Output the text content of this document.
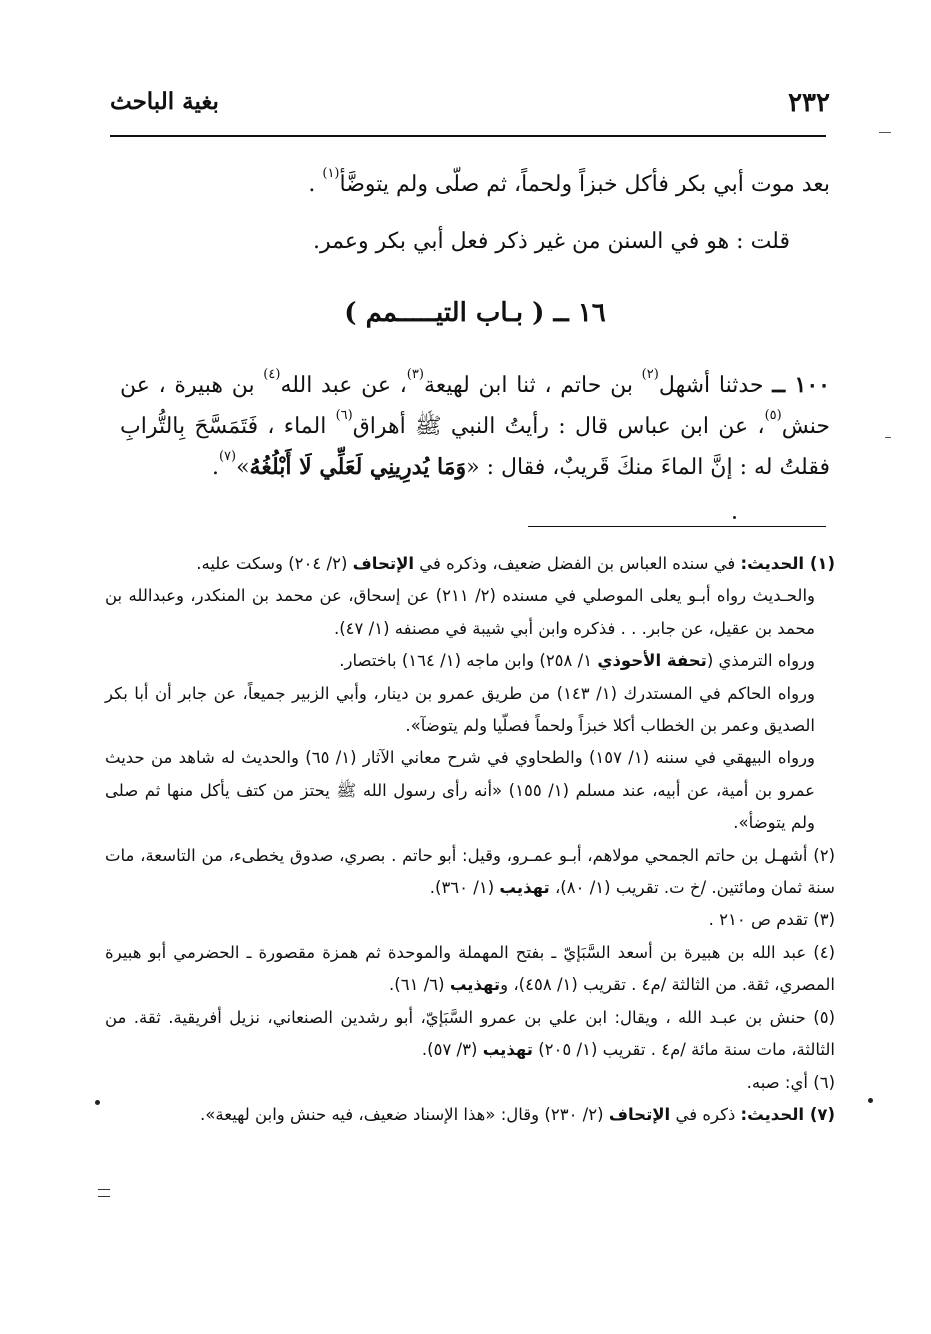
٢٣٢
بغية الباحث
بعد موت أبي بكر فأكل خبزاً ولحماً، ثم صلّى ولم يتوضَّأ$^{(١)}$ .
قلت : هو في السنن من غير ذكر فعل أبي بكر وعمر.
١٦ ــ ( بـاب التيـــــمم )
١٠٠ ــ حدثنا أشهل$^{(٢)}$ بن حاتم ، ثنا ابن لهيعة$^{(٣)}$، عن عبد الله$^{(٤)}$ بن هبيرة ، عن حنش$^{(٥)}$، عن ابن عباس قال : رأيتُ النبي ﷺ أهراق$^{(٦)}$ الماء ، فَتَمَسَّحَ بِالتُّرابِ فقلتُ له : إنَّ الماءَ منكَ قَريبٌ، فقال : «وَمَا يُدرِينِي لَعَلِّي لَا أَبْلُغُهُ»$^{(٧)}$.

(١) الحديث: في سنده العباس بن الفضل ضعيف، وذكره في الإتحاف (٢/ ٢٠٤) وسكت عليه.

والحـديث رواه أبـو يعلى الموصلي في مسنده (٢/ ٢١١) عن إسحاق، عن محمد بن المنكدر، وعبدالله بن محمد بن عقيل، عن جابر. . . فذكره وابن أبي شيبة في مصنفه (١/ ٤٧).

ورواه الترمذي (تحفة الأحوذي ١/ ٢٥٨) وابن ماجه (١/ ١٦٤) باختصار.

ورواه الحاكم في المستدرك (١/ ١٤٣) من طريق عمرو بن دينار، وأبي الزبير جميعاً، عن جابر أن أبا بكر الصديق وعمر بن الخطاب أكلا خبزاً ولحماً فصلّيا ولم يتوضآ».

ورواه البيهقي في سننه (١/ ١٥٧) والطحاوي في شرح معاني الآثار (١/ ٦٥) والحديث له شاهد من حديث عمرو بن أمية، عن أبيه، عند مسلم (١/ ١٥٥) «أنه رأى رسول الله ﷺ يحتز من كتف يأكل منها ثم صلى ولم يتوضأ».

(٢) أشهـل بن حاتم الجمحي مولاهم، أبـو عمـرو، وقيل: أبو حاتم . بصري، صدوق يخطىء، من التاسعة، مات سنة ثمان ومائتين. /خ ت. تقريب (١/ ٨٠)، تهذيب (١/ ٣٦٠).

(٣) تقدم ص ٢١٠ .

(٤) عبد الله بن هبيرة بن أسعد السَّبَإيّ ـ بفتح المهملة والموحدة ثم همزة مقصورة ـ الحضرمي أبو هبيرة المصري، ثقة. من الثالثة /م٤ . تقريب (١/ ٤٥٨)، وتهذيب (٦/ ٦١).

(٥) حنش بن عبـد الله ، ويقال: ابن علي بن عمرو السَّبَإيّ، أبو رشدين الصنعاني، نزيل أفريقية. ثقة. من الثالثة، مات سنة مائة /م٤ . تقريب (١/ ٢٠٥) تهذيب (٣/ ٥٧).

(٦) أي: صبه.

(٧) الحديث: ذكره في الإتحاف (٢/ ٢٣٠) وقال: «هذا الإسناد ضعيف، فيه حنش وابن لهيعة».
